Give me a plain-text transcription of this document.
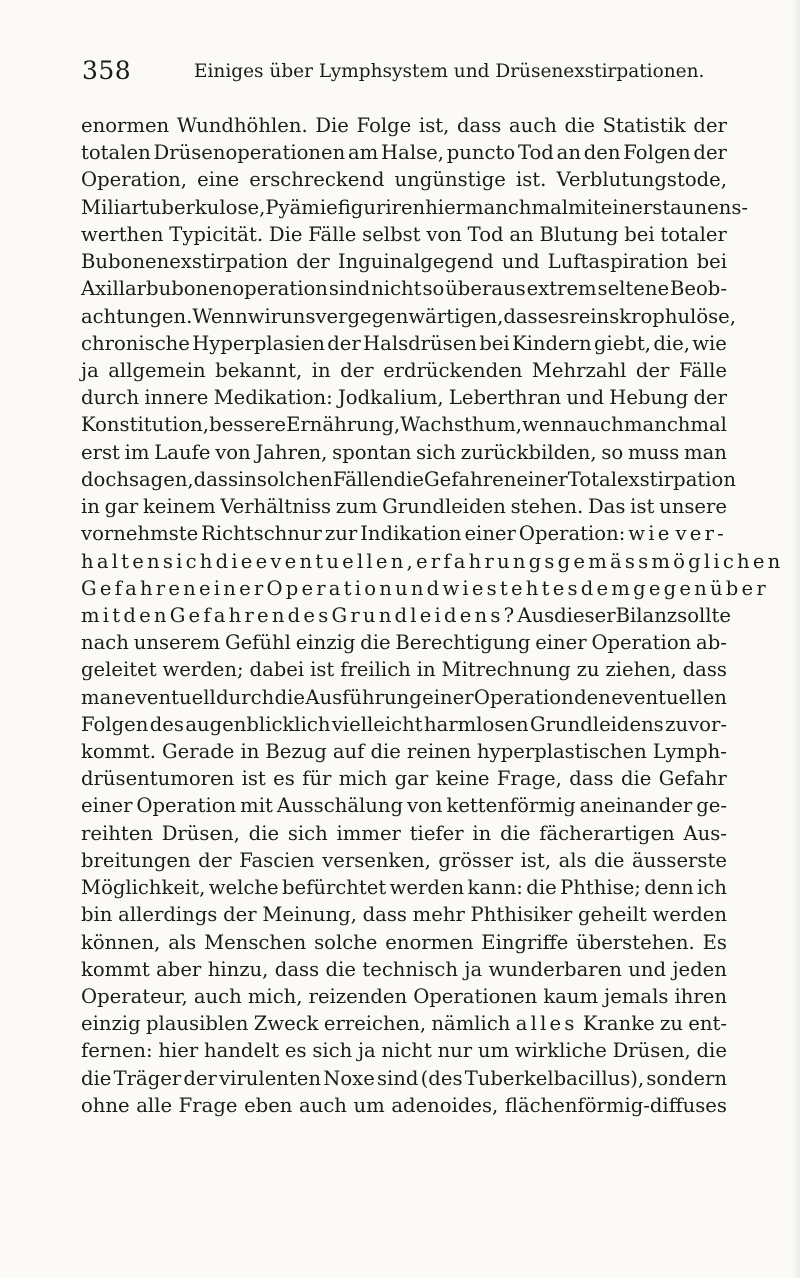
358	Einiges über Lymphsystem und Drüsenexstirpationen.
enormen Wundhöhlen. Die Folge ist, dass auch die Statistik der
totalen Drüsenoperationen am Halse, puncto Tod an den Folgen der
Operation, eine erschreckend ungünstige ist. Verblutungstode,
Miliartuberkulose, Pyämie figuriren hier manchmal mit einer staunens-
werthen Typicität. Die Fälle selbst von Tod an Blutung bei totaler
Bubonenexstirpation der Inguinalgegend und Luftaspiration bei
Axillarbubonenoperation sind nicht so überaus extrem seltene Beob-
achtungen. Wenn wir uns vergegenwärtigen, dass es rein skrophulöse,
chronische Hyperplasien der Halsdrüsen bei Kindern giebt, die, wie
ja allgemein bekannt, in der erdrückenden Mehrzahl der Fälle
durch innere Medikation: Jodkalium, Leberthran und Hebung der
Konstitution, bessere Ernährung, Wachsthum, wenn auch manchmal
erst im Laufe von Jahren, spontan sich zurückbilden, so muss man
doch sagen, dass in solchen Fällen die Gefahren einer Totalexstirpation
in gar keinem Verhältniss zum Grundleiden stehen. Das ist unsere
vornehmste Richtschnur zur Indikation einer Operation: wie ver-
halten sich die eventuellen, erfahrungsgemäss möglichen
Gefahren einer Operation und wie steht es demgegenüber
mit den Gefahren des Grundleidens? Aus dieser Bilanz sollte
nach unserem Gefühl einzig die Berechtigung einer Operation ab-
geleitet werden; dabei ist freilich in Mitrechnung zu ziehen, dass
man eventuell durch die Ausführung einer Operation den eventuellen
Folgen des augenblicklich vielleicht harmlosen Grundleidens zuvor-
kommt. Gerade in Bezug auf die reinen hyperplastischen Lymph-
drüsentumoren ist es für mich gar keine Frage, dass die Gefahr
einer Operation mit Ausschälung von kettenförmig aneinander ge-
reihten Drüsen, die sich immer tiefer in die fächerartigen Aus-
breitungen der Fascien versenken, grösser ist, als die äusserste
Möglichkeit, welche befürchtet werden kann: die Phthise; denn ich
bin allerdings der Meinung, dass mehr Phthisiker geheilt werden
können, als Menschen solche enormen Eingriffe überstehen. Es
kommt aber hinzu, dass die technisch ja wunderbaren und jeden
Operateur, auch mich, reizenden Operationen kaum jemals ihren
einzig plausiblen Zweck erreichen, nämlich alles Kranke zu ent-
fernen: hier handelt es sich ja nicht nur um wirkliche Drüsen, die
die Träger der virulenten Noxe sind (des Tuberkelbacillus), sondern
ohne alle Frage eben auch um adenoides, flächenförmig-diffuses
